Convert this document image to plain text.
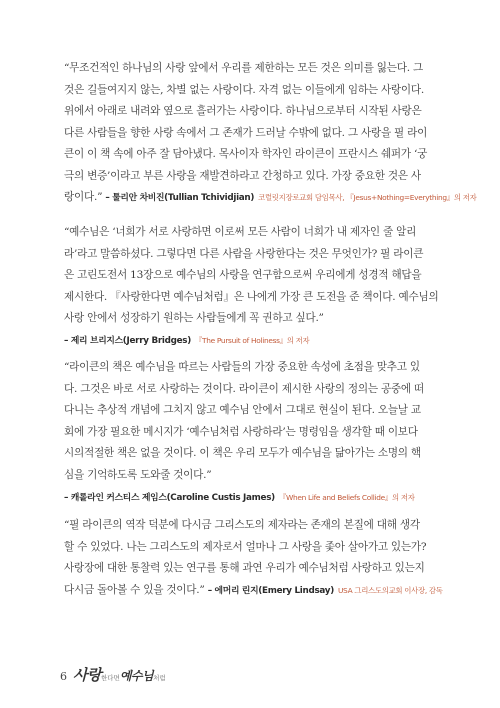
“무조건적인 하나님의 사랑 앞에서 우리를 제한하는 모든 것은 의미를 잃는다. 그
것은 길들여지지 않는, 차별 없는 사랑이다. 자격 없는 이들에게 임하는 사랑이다.
위에서 아래로 내려와 옆으로 흘러가는 사랑이다. 하나님으로부터 시작된 사랑은
다른 사람들을 향한 사랑 속에서 그 존재가 드러날 수밖에 없다. 그 사랑을 필 라이
큰이 이 책 속에 아주 잘 담아냈다. 목사이자 학자인 라이큰이 프란시스 쉐퍼가 ‘궁
극의 변증’이라고 부른 사랑을 재발견하라고 간청하고 있다. 가장 중요한 것은 사
랑이다.” – 툴리안 차비진(Tullian Tchividjian) 코럴릿지장로교회 담임목사, 『Jesus+Nothing=Everything』의 저자
“예수님은 ‘너희가 서로 사랑하면 이로써 모든 사람이 너희가 내 제자인 줄 알리
라’라고 말씀하셨다. 그렇다면 다른 사람을 사랑한다는 것은 무엇인가? 필 라이큰
은 고린도전서 13장으로 예수님의 사랑을 연구함으로써 우리에게 성경적 해답을
제시한다. 『사랑한다면 예수님처럼』은 나에게 가장 큰 도전을 준 책이다. 예수님의
사랑 안에서 성장하기 원하는 사람들에게 꼭 권하고 싶다.”
– 제리 브리지스(Jerry Bridges) 『The Pursuit of Holiness』의 저자
“라이큰의 책은 예수님을 따르는 사람들의 가장 중요한 속성에 초점을 맞추고 있
다. 그것은 바로 서로 사랑하는 것이다. 라이큰이 제시한 사랑의 정의는 공중에 떠
다니는 추상적 개념에 그치지 않고 예수님 안에서 그대로 현실이 된다. 오늘날 교
회에 가장 필요한 메시지가 ‘예수님처럼 사랑하라’는 명령임을 생각할 때 이보다
시의적절한 책은 없을 것이다. 이 책은 우리 모두가 예수님을 닮아가는 소명의 핵
심을 기억하도록 도와줄 것이다.”
– 캐롤라인 커스티스 제임스(Caroline Custis James) 『When Life and Beliefs Collide』의 저자
“필 라이큰의 역작 덕분에 다시금 그리스도의 제자라는 존재의 본질에 대해 생각
할 수 있었다. 나는 그리스도의 제자로서 얼마나 그 사랑을 좇아 살아가고 있는가?
사랑장에 대한 통찰력 있는 연구를 통해 과연 우리가 예수님처럼 사랑하고 있는지
다시금 돌아볼 수 있을 것이다.” – 에머리 린지(Emery Lindsay) USA 그리스도의교회 이사장, 감독
6 사랑한다면예수님처럼
